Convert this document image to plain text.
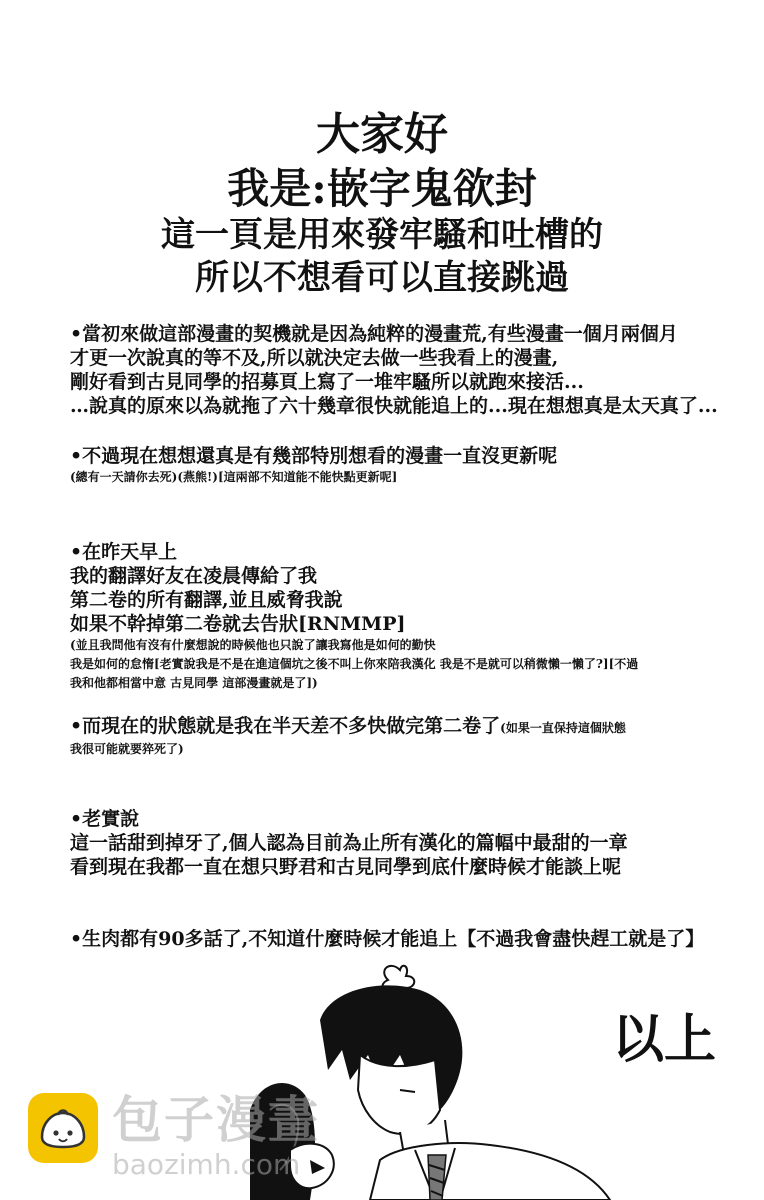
大家好
我是:嵌字鬼欲封
這一頁是用來發牢騷和吐槽的
所以不想看可以直接跳過
•當初來做這部漫畫的契機就是因為純粹的漫畫荒,有些漫畫一個月兩個月
才更一次說真的等不及,所以就決定去做一些我看上的漫畫,
剛好看到古見同學的招募頁上寫了一堆牢騷所以就跑來接活...
…說真的原來以為就拖了六十幾章很快就能追上的...現在想想真是太天真了...
•不過現在想想還真是有幾部特別想看的漫畫一直沒更新呢
(總有一天請你去死)(燕熊!)[這兩部不知道能不能快點更新呢]
•在昨天早上
我的翻譯好友在凌晨傳給了我
第二卷的所有翻譯,並且威脅我說
如果不幹掉第二卷就去告狀[RNMMP]
(並且我問他有沒有什麼想說的時候他也只說了讓我寫他是如何的勤快
我是如何的怠惰[老實說我是不是在進這個坑之後不叫上你來陪我漢化 我是不是就可以稍微懶一懶了?][不過
我和他都相當中意 古見同學 這部漫畫就是了])
•而現在的狀態就是我在半天差不多快做完第二卷了(如果一直保持這個狀態
我很可能就要猝死了)
•老實說
這一話甜到掉牙了,個人認為目前為止所有漢化的篇幅中最甜的一章
看到現在我都一直在想只野君和古見同學到底什麼時候才能談上呢
•生肉都有90多話了,不知道什麼時候才能追上【不過我會盡快趕工就是了】
以上
包子漫畫
baozimh.com
